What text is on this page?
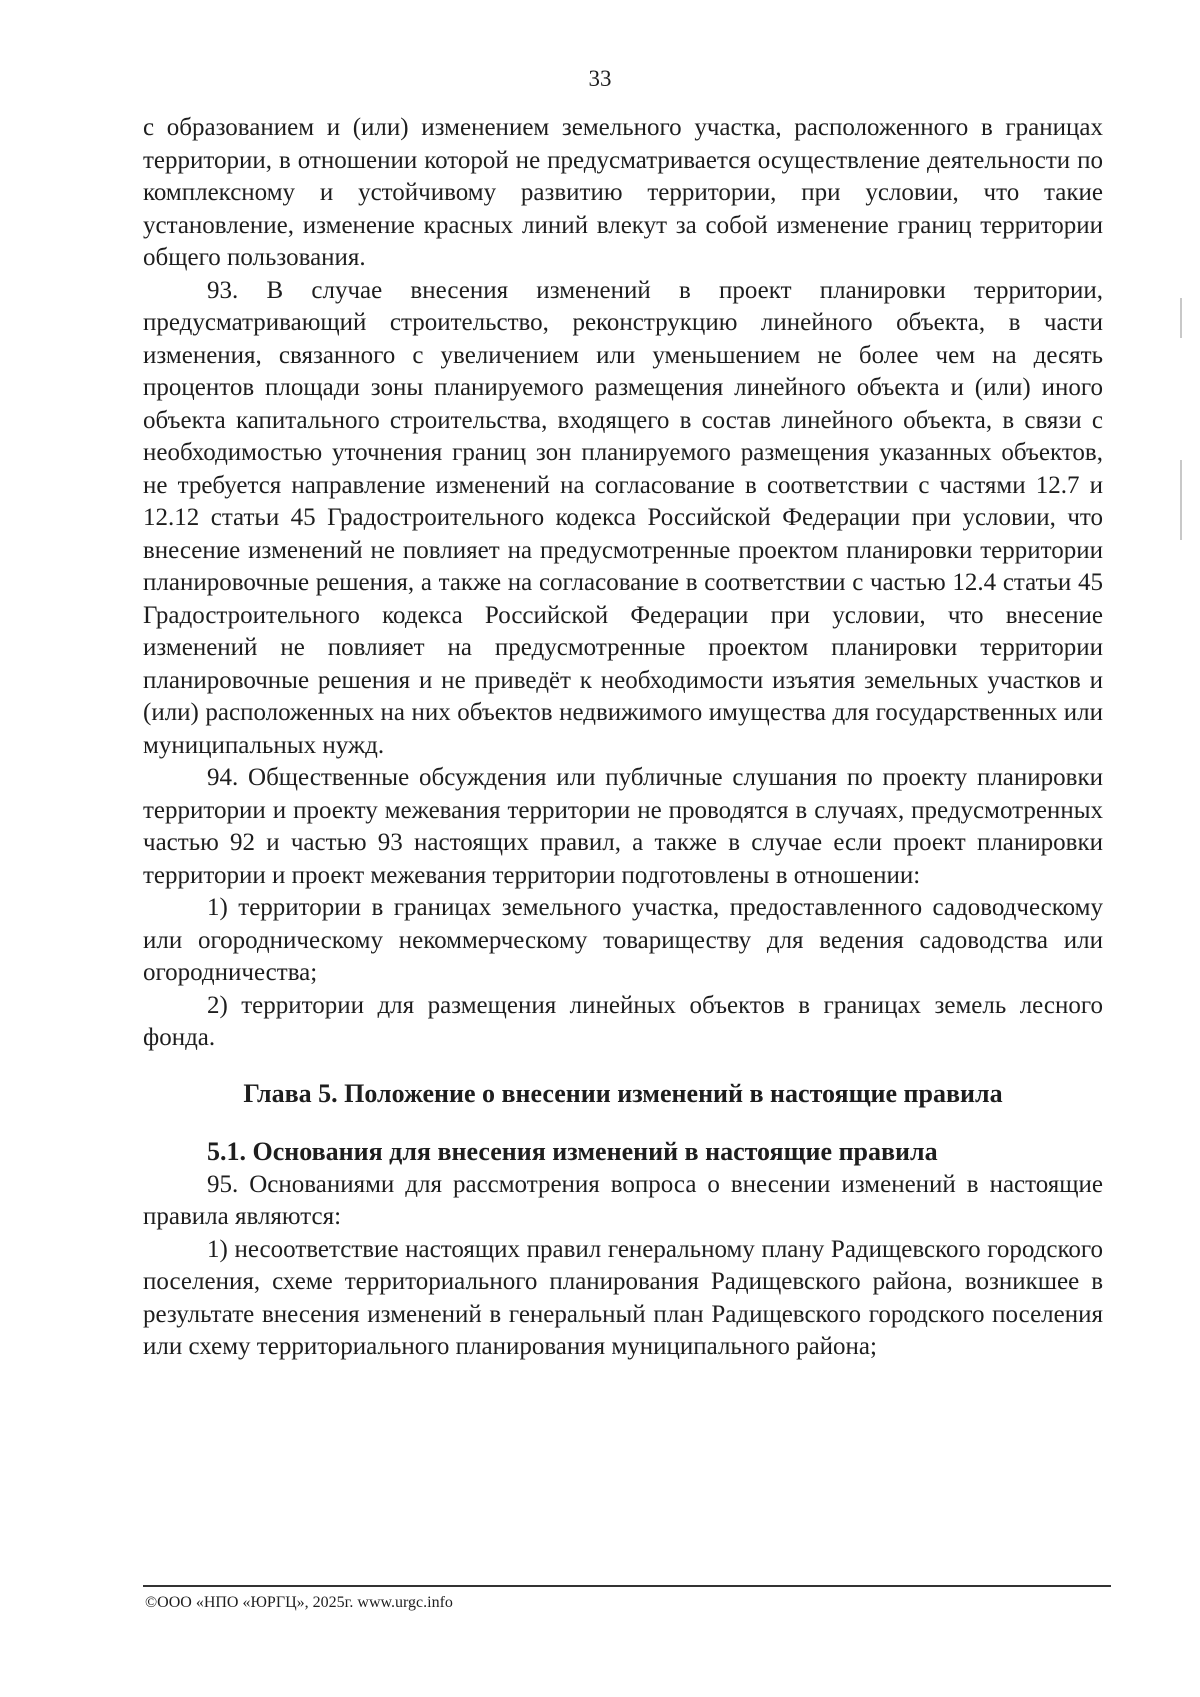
33

с образованием и (или) изменением земельного участка, расположенного в границах территории, в отношении которой не предусматривается осуществление деятельности по комплексному и устойчивому развитию территории, при условии, что такие установление, изменение красных линий влекут за собой изменение границ территории общего пользования.

93. В случае внесения изменений в проект планировки территории, предусматривающий строительство, реконструкцию линейного объекта, в части изменения, связанного с увеличением или уменьшением не более чем на десять процентов площади зоны планируемого размещения линейного объекта и (или) иного объекта капитального строительства, входящего в состав линейного объекта, в связи с необходимостью уточнения границ зон планируемого размещения указанных объектов, не требуется направление изменений на согласование в соответствии с частями 12.7 и 12.12 статьи 45 Градостроительного кодекса Российской Федерации при условии, что внесение изменений не повлияет на предусмотренные проектом планировки территории планировочные решения, а также на согласование в соответствии с частью 12.4 статьи 45 Градостроительного кодекса Российской Федерации при условии, что внесение изменений не повлияет на предусмотренные проектом планировки территории планировочные решения и не приведёт к необходимости изъятия земельных участков и (или) расположенных на них объектов недвижимого имущества для государственных или муниципальных нужд.

94. Общественные обсуждения или публичные слушания по проекту планировки территории и проекту межевания территории не проводятся в случаях, предусмотренных частью 92 и частью 93 настоящих правил, а также в случае если проект планировки территории и проект межевания территории подготовлены в отношении:

1) территории в границах земельного участка, предоставленного садоводческому или огородническому некоммерческому товариществу для ведения садоводства или огородничества;

2) территории для размещения линейных объектов в границах земель лесного фонда.

Глава 5. Положение о внесении изменений в настоящие правила
5.1. Основания для внесения изменений в настоящие правила

95. Основаниями для рассмотрения вопроса о внесении изменений в настоящие правила являются:

1) несоответствие настоящих правил генеральному плану Радищевского городского поселения, схеме территориального планирования Радищевского района, возникшее в результате внесения изменений в генеральный план Радищевского городского поселения или схему территориального планирования муниципального района;

©ООО «НПО «ЮРГЦ», 2025г. www.urgc.info
